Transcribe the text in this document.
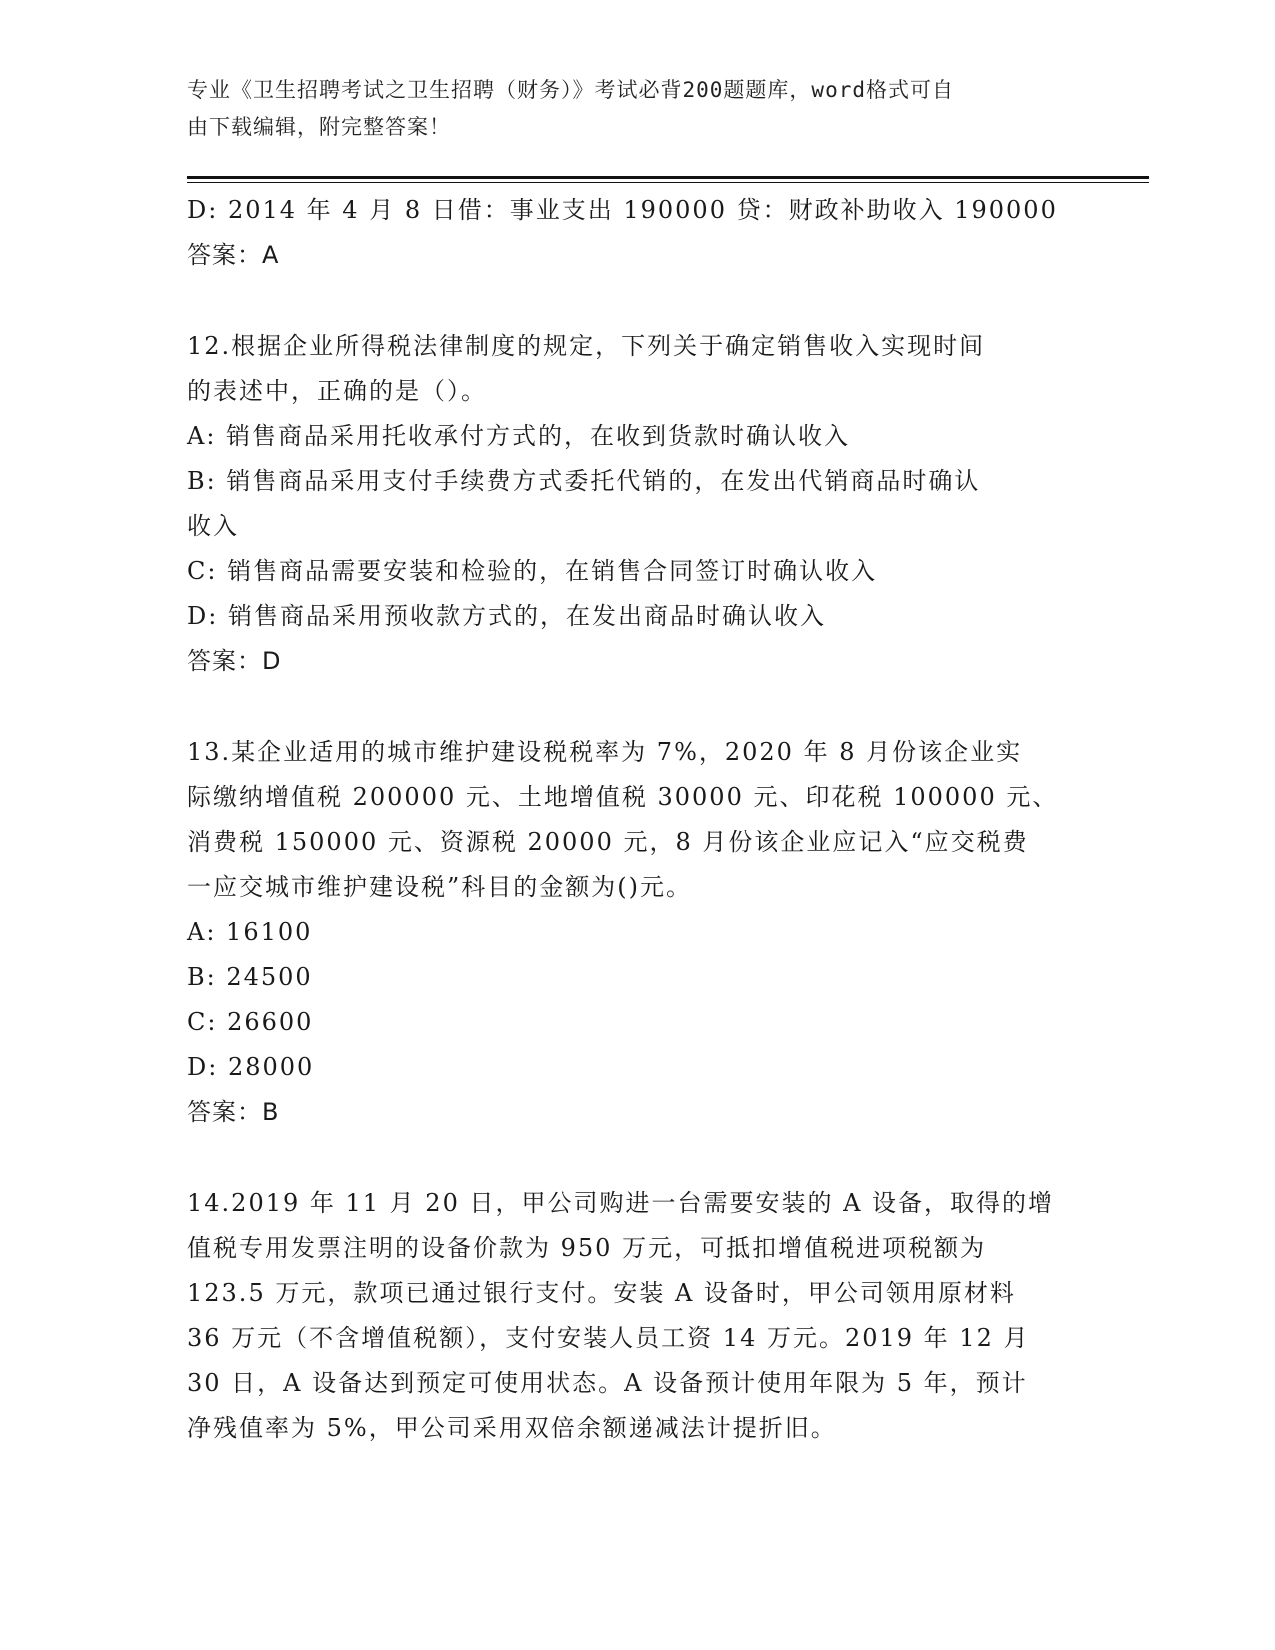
专业《卫生招聘考试之卫生招聘（财务）》考试必背200题题库，word格式可自
由下载编辑，附完整答案！
D: 2014 年 4 月 8 日借：事业支出 190000 贷：财政补助收入 190000
答案：A
12.根据企业所得税法律制度的规定，下列关于确定销售收入实现时间
的表述中，正确的是（）。
A: 销售商品采用托收承付方式的，在收到货款时确认收入
B: 销售商品采用支付手续费方式委托代销的，在发出代销商品时确认
收入
C: 销售商品需要安装和检验的，在销售合同签订时确认收入
D: 销售商品采用预收款方式的，在发出商品时确认收入
答案：D
13.某企业适用的城市维护建设税税率为 7%，2020 年 8 月份该企业实
际缴纳增值税 200000 元、土地增值税 30000 元、印花税 100000 元、
消费税 150000 元、资源税 20000 元，8 月份该企业应记入“应交税费
一应交城市维护建设税”科目的金额为()元。
A: 16100
B: 24500
C: 26600
D: 28000
答案：B
14.2019 年 11 月 20 日，甲公司购进一台需要安装的 A 设备，取得的增
值税专用发票注明的设备价款为 950 万元，可抵扣增值税进项税额为
123.5 万元，款项已通过银行支付。安装 A 设备时，甲公司领用原材料
36 万元（不含增值税额），支付安装人员工资 14 万元。2019 年 12 月
30 日，A 设备达到预定可使用状态。A 设备预计使用年限为 5 年，预计
净残值率为 5%，甲公司采用双倍余额递减法计提折旧。
